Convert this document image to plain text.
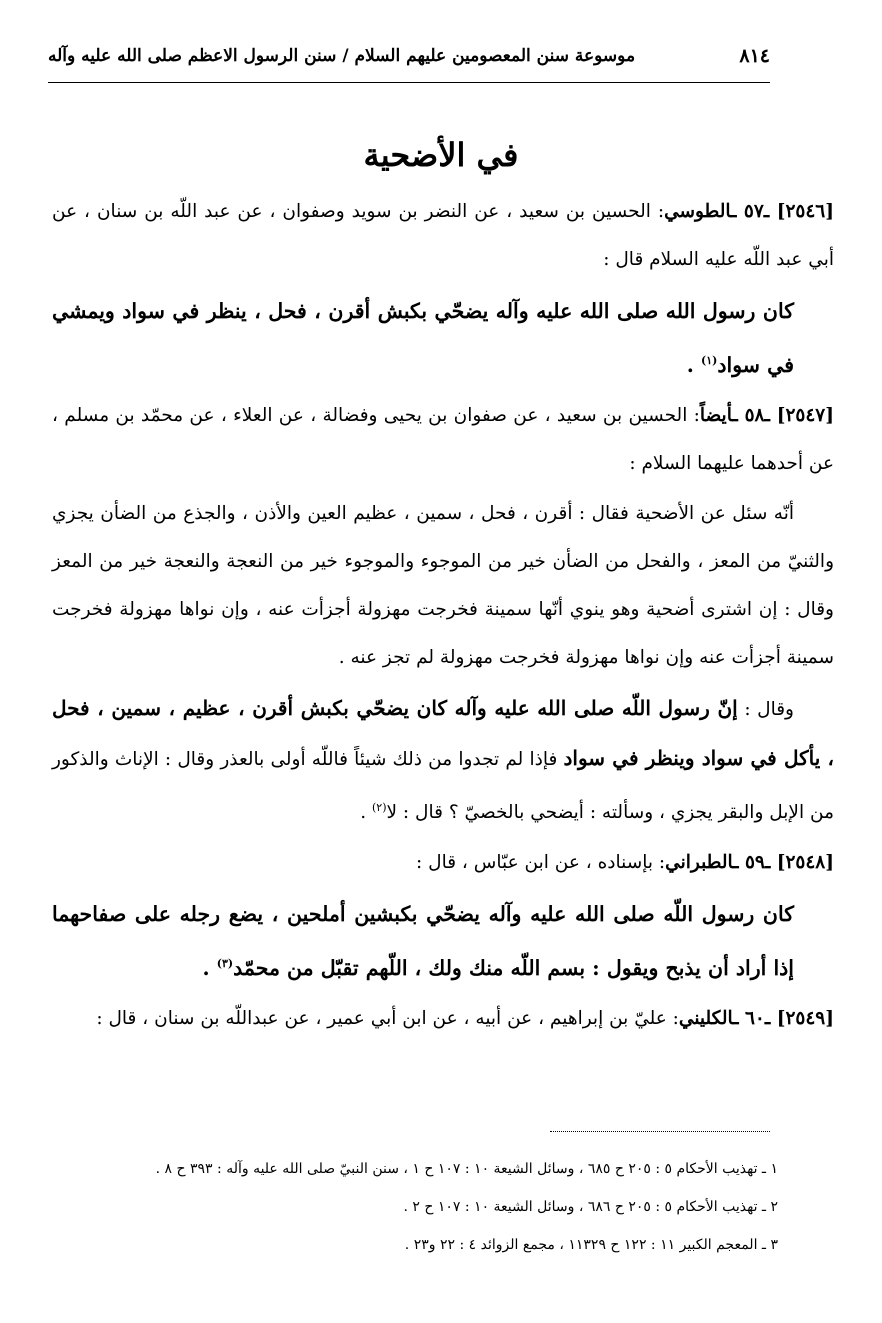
موسوعة سنن المعصومين عليهم السلام / سنن الرسول الاعظم صلى الله عليه وآله	٨١٤
في الأضحية
[٢٥٤٦] ـ٥٧ ـالطوسي: الحسين بن سعيد ، عن النضر بن سويد وصفوان ، عن عبد اللّه بن سنان ، عن أبي عبد اللّه عليه السلام قال :
كان رسول الله صلى الله عليه وآله يضحّي بكبش أقرن ، فحل ، ينظر في سواد ويمشي في سواد$^{(١)}$ .
[٢٥٤٧] ـ٥٨ ـأيضاً: الحسين بن سعيد ، عن صفوان بن يحيى وفضالة ، عن العلاء ، عن محمّد بن مسلم ، عن أحدهما عليهما السلام :
أنّه سئل عن الأضحية فقال : أقرن ، فحل ، سمين ، عظيم العين والأذن ، والجذع من الضأن يجزي والثنيّ من المعز ، والفحل من الضأن خير من الموجوء والموجوء خير من النعجة والنعجة خير من المعز وقال : إن اشترى أضحية وهو ينوي أنّها سمينة فخرجت مهزولة أجزأت عنه ، وإن نواها مهزولة فخرجت سمينة أجزأت عنه وإن نواها مهزولة فخرجت مهزولة لم تجز عنه .
وقال : إنّ رسول اللّه صلى الله عليه وآله كان يضحّي بكبش أقرن ، عظيم ، سمين ، فحل ، يأكل في سواد وينظر في سواد فإذا لم تجدوا من ذلك شيئاً فاللّه أولى بالعذر وقال : الإناث والذكور من الإبل والبقر يجزي ، وسألته : أيضحي بالخصيّ ؟ قال : لا$^{(٢)}$ .
[٢٥٤٨] ـ٥٩ ـالطبراني: بإسناده ، عن ابن عبّاس ، قال :
كان رسول اللّه صلى الله عليه وآله يضحّي بكبشين أملحين ، يضع رجله على صفاحهما إذا أراد أن يذبح ويقول : بسم اللّه منك ولك ، اللّهم تقبّل من محمّد$^{(٣)}$ .
[٢٥٤٩] ـ٦٠ ـالكليني: عليّ بن إبراهيم ، عن أبيه ، عن ابن أبي عمير ، عن عبداللّه بن سنان ، قال :
١ ـ تهذيب الأحكام ٥ : ٢٠٥ ح ٦٨٥ ، وسائل الشيعة ١٠ : ١٠٧ ح ١ ، سنن النبيّ صلى الله عليه وآله : ٣٩٣ ح ٨ .
٢ ـ تهذيب الأحكام ٥ : ٢٠٥ ح ٦٨٦ ، وسائل الشيعة ١٠ : ١٠٧ ح ٢ .
٣ ـ المعجم الكبير ١١ : ١٢٢ ح ١١٣٢٩ ، مجمع الزوائد ٤ : ٢٢ و٢٣ .
